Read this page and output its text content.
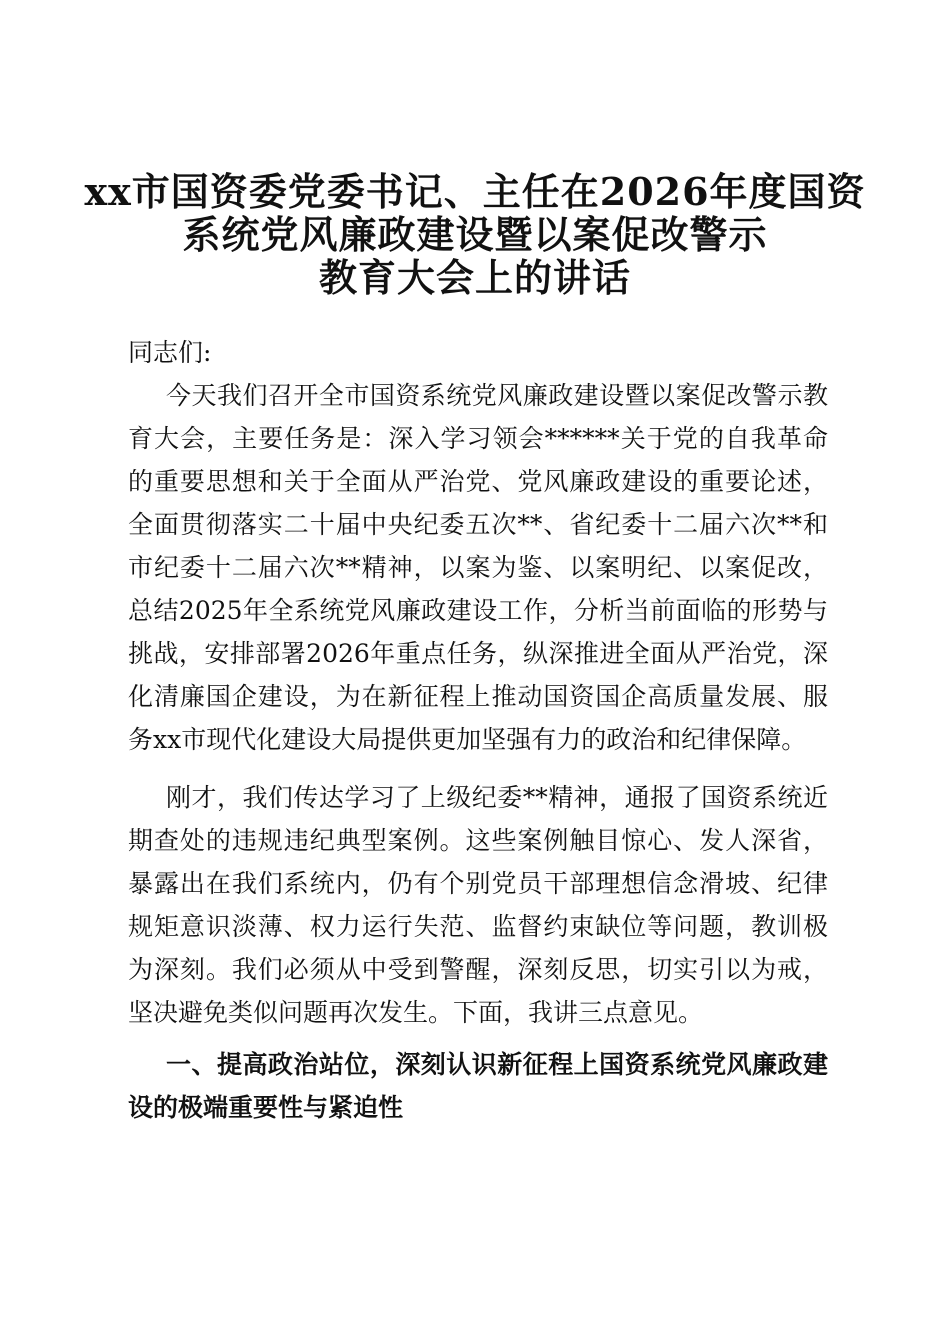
xx市国资委党委书记、主任在2026年度国资
系统党风廉政建设暨以案促改警示
教育大会上的讲话
同志们:
今天我们召开全市国资系统党风廉政建设暨以案促改警示教
育大会，主要任务是：深入学习领会******关于党的自我革命
的重要思想和关于全面从严治党、党风廉政建设的重要论述，
全面贯彻落实二十届中央纪委五次**、省纪委十二届六次**和
市纪委十二届六次**精神，以案为鉴、以案明纪、以案促改，
总结2025年全系统党风廉政建设工作，分析当前面临的形势与
挑战，安排部署2026年重点任务，纵深推进全面从严治党，深
化清廉国企建设，为在新征程上推动国资国企高质量发展、服
务xx市现代化建设大局提供更加坚强有力的政治和纪律保障。
刚才，我们传达学习了上级纪委**精神，通报了国资系统近
期查处的违规违纪典型案例。这些案例触目惊心、发人深省，
暴露出在我们系统内，仍有个别党员干部理想信念滑坡、纪律
规矩意识淡薄、权力运行失范、监督约束缺位等问题，教训极
为深刻。我们必须从中受到警醒，深刻反思，切实引以为戒，
坚决避免类似问题再次发生。下面，我讲三点意见。
一、提高政治站位，深刻认识新征程上国资系统党风廉政建
设的极端重要性与紧迫性
